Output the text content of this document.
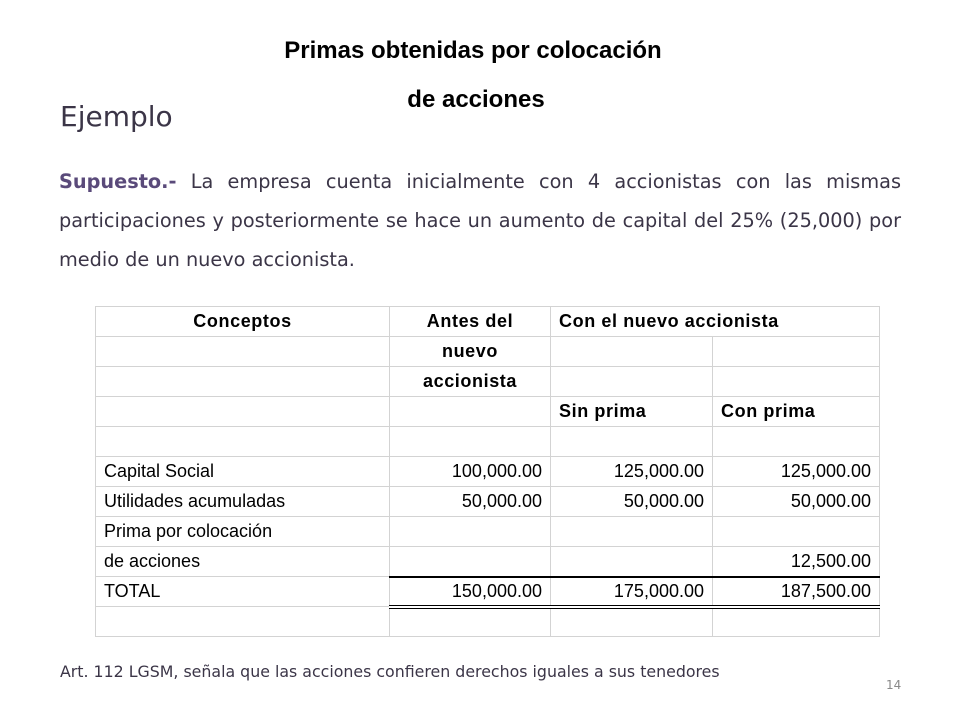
Primas obtenidas por colocación
de acciones
Ejemplo
Supuesto.- La empresa cuenta inicialmente con 4 accionistas con las mismas participaciones y posteriormente se hace un aumento de capital del 25% (25,000) por medio de un nuevo accionista.
Conceptos	Antes del	Con el nuevo accionista	
	nuevo		
	accionista		
		Sin prima	Con prima

Capital Social	100,000.00	125,000.00	125,000.00
Utilidades acumuladas	50,000.00	50,000.00	50,000.00
Prima por colocación			
de acciones			12,500.00
TOTAL	150,000.00	175,000.00	187,500.00

Art. 112 LGSM, señala que las acciones confieren derechos iguales a sus tenedores
14
